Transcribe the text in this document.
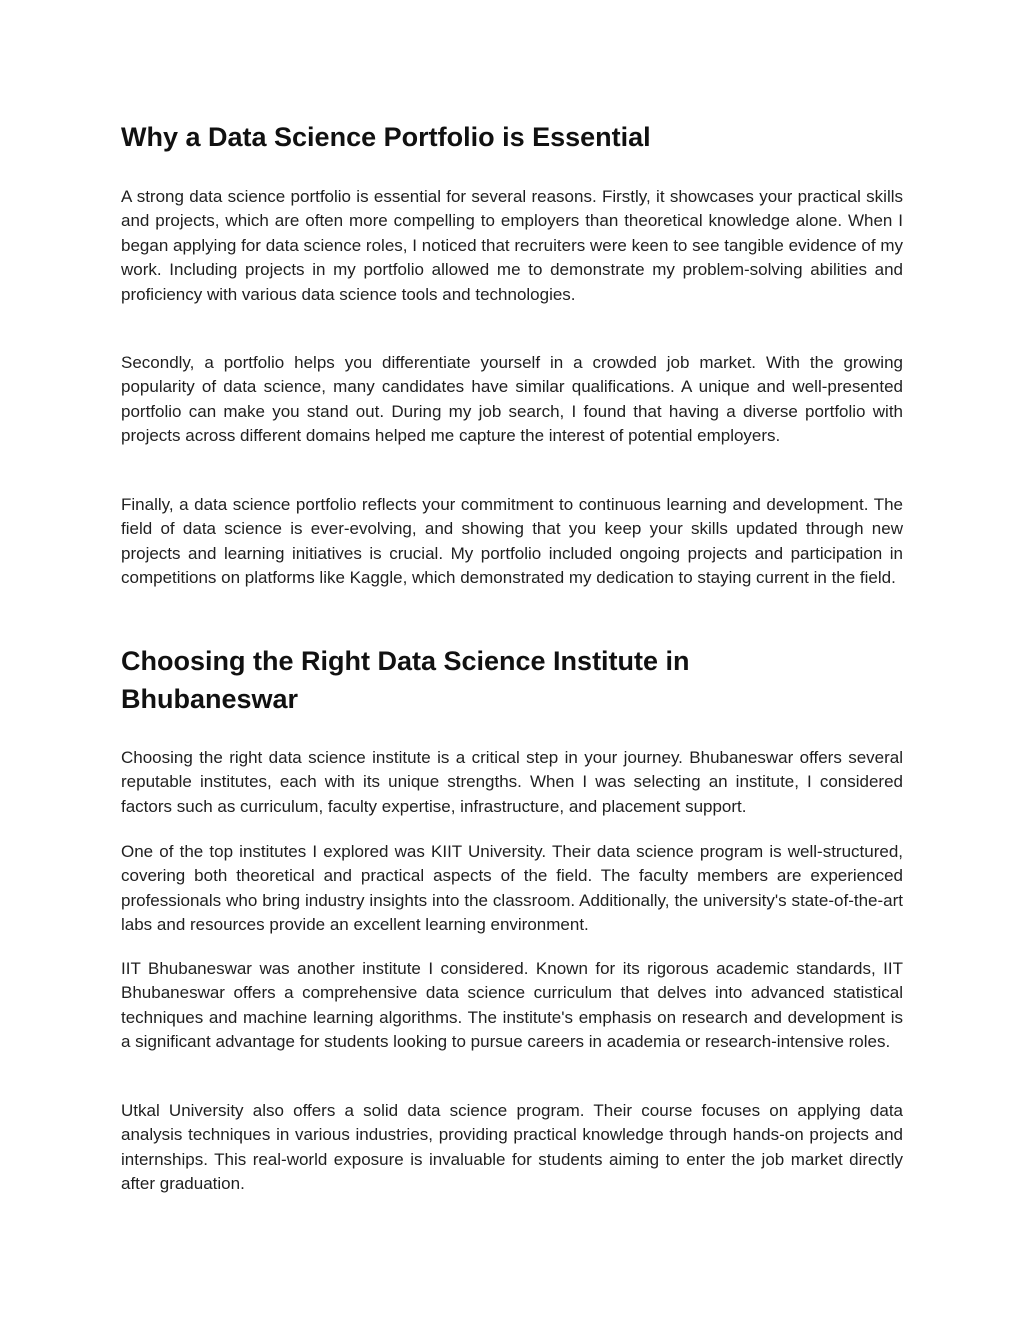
Why a Data Science Portfolio is Essential

A strong data science portfolio is essential for several reasons. Firstly, it showcases your practical skills and projects, which are often more compelling to employers than theoretical knowledge alone. When I began applying for data science roles, I noticed that recruiters were keen to see tangible evidence of my work. Including projects in my portfolio allowed me to demonstrate my problem-solving abilities and proficiency with various data science tools and technologies.

Secondly, a portfolio helps you differentiate yourself in a crowded job market. With the growing popularity of data science, many candidates have similar qualifications. A unique and well-presented portfolio can make you stand out. During my job search, I found that having a diverse portfolio with projects across different domains helped me capture the interest of potential employers.

Finally, a data science portfolio reflects your commitment to continuous learning and development. The field of data science is ever-evolving, and showing that you keep your skills updated through new projects and learning initiatives is crucial. My portfolio included ongoing projects and participation in competitions on platforms like Kaggle, which demonstrated my dedication to staying current in the field.

Choosing the Right Data Science Institute in Bhubaneswar

Choosing the right data science institute is a critical step in your journey. Bhubaneswar offers several reputable institutes, each with its unique strengths. When I was selecting an institute, I considered factors such as curriculum, faculty expertise, infrastructure, and placement support.

One of the top institutes I explored was KIIT University. Their data science program is well-structured, covering both theoretical and practical aspects of the field. The faculty members are experienced professionals who bring industry insights into the classroom. Additionally, the university's state-of-the-art labs and resources provide an excellent learning environment.

IIT Bhubaneswar was another institute I considered. Known for its rigorous academic standards, IIT Bhubaneswar offers a comprehensive data science curriculum that delves into advanced statistical techniques and machine learning algorithms. The institute's emphasis on research and development is a significant advantage for students looking to pursue careers in academia or research-intensive roles.

Utkal University also offers a solid data science program. Their course focuses on applying data analysis techniques in various industries, providing practical knowledge through hands-on projects and internships. This real-world exposure is invaluable for students aiming to enter the job market directly after graduation.
